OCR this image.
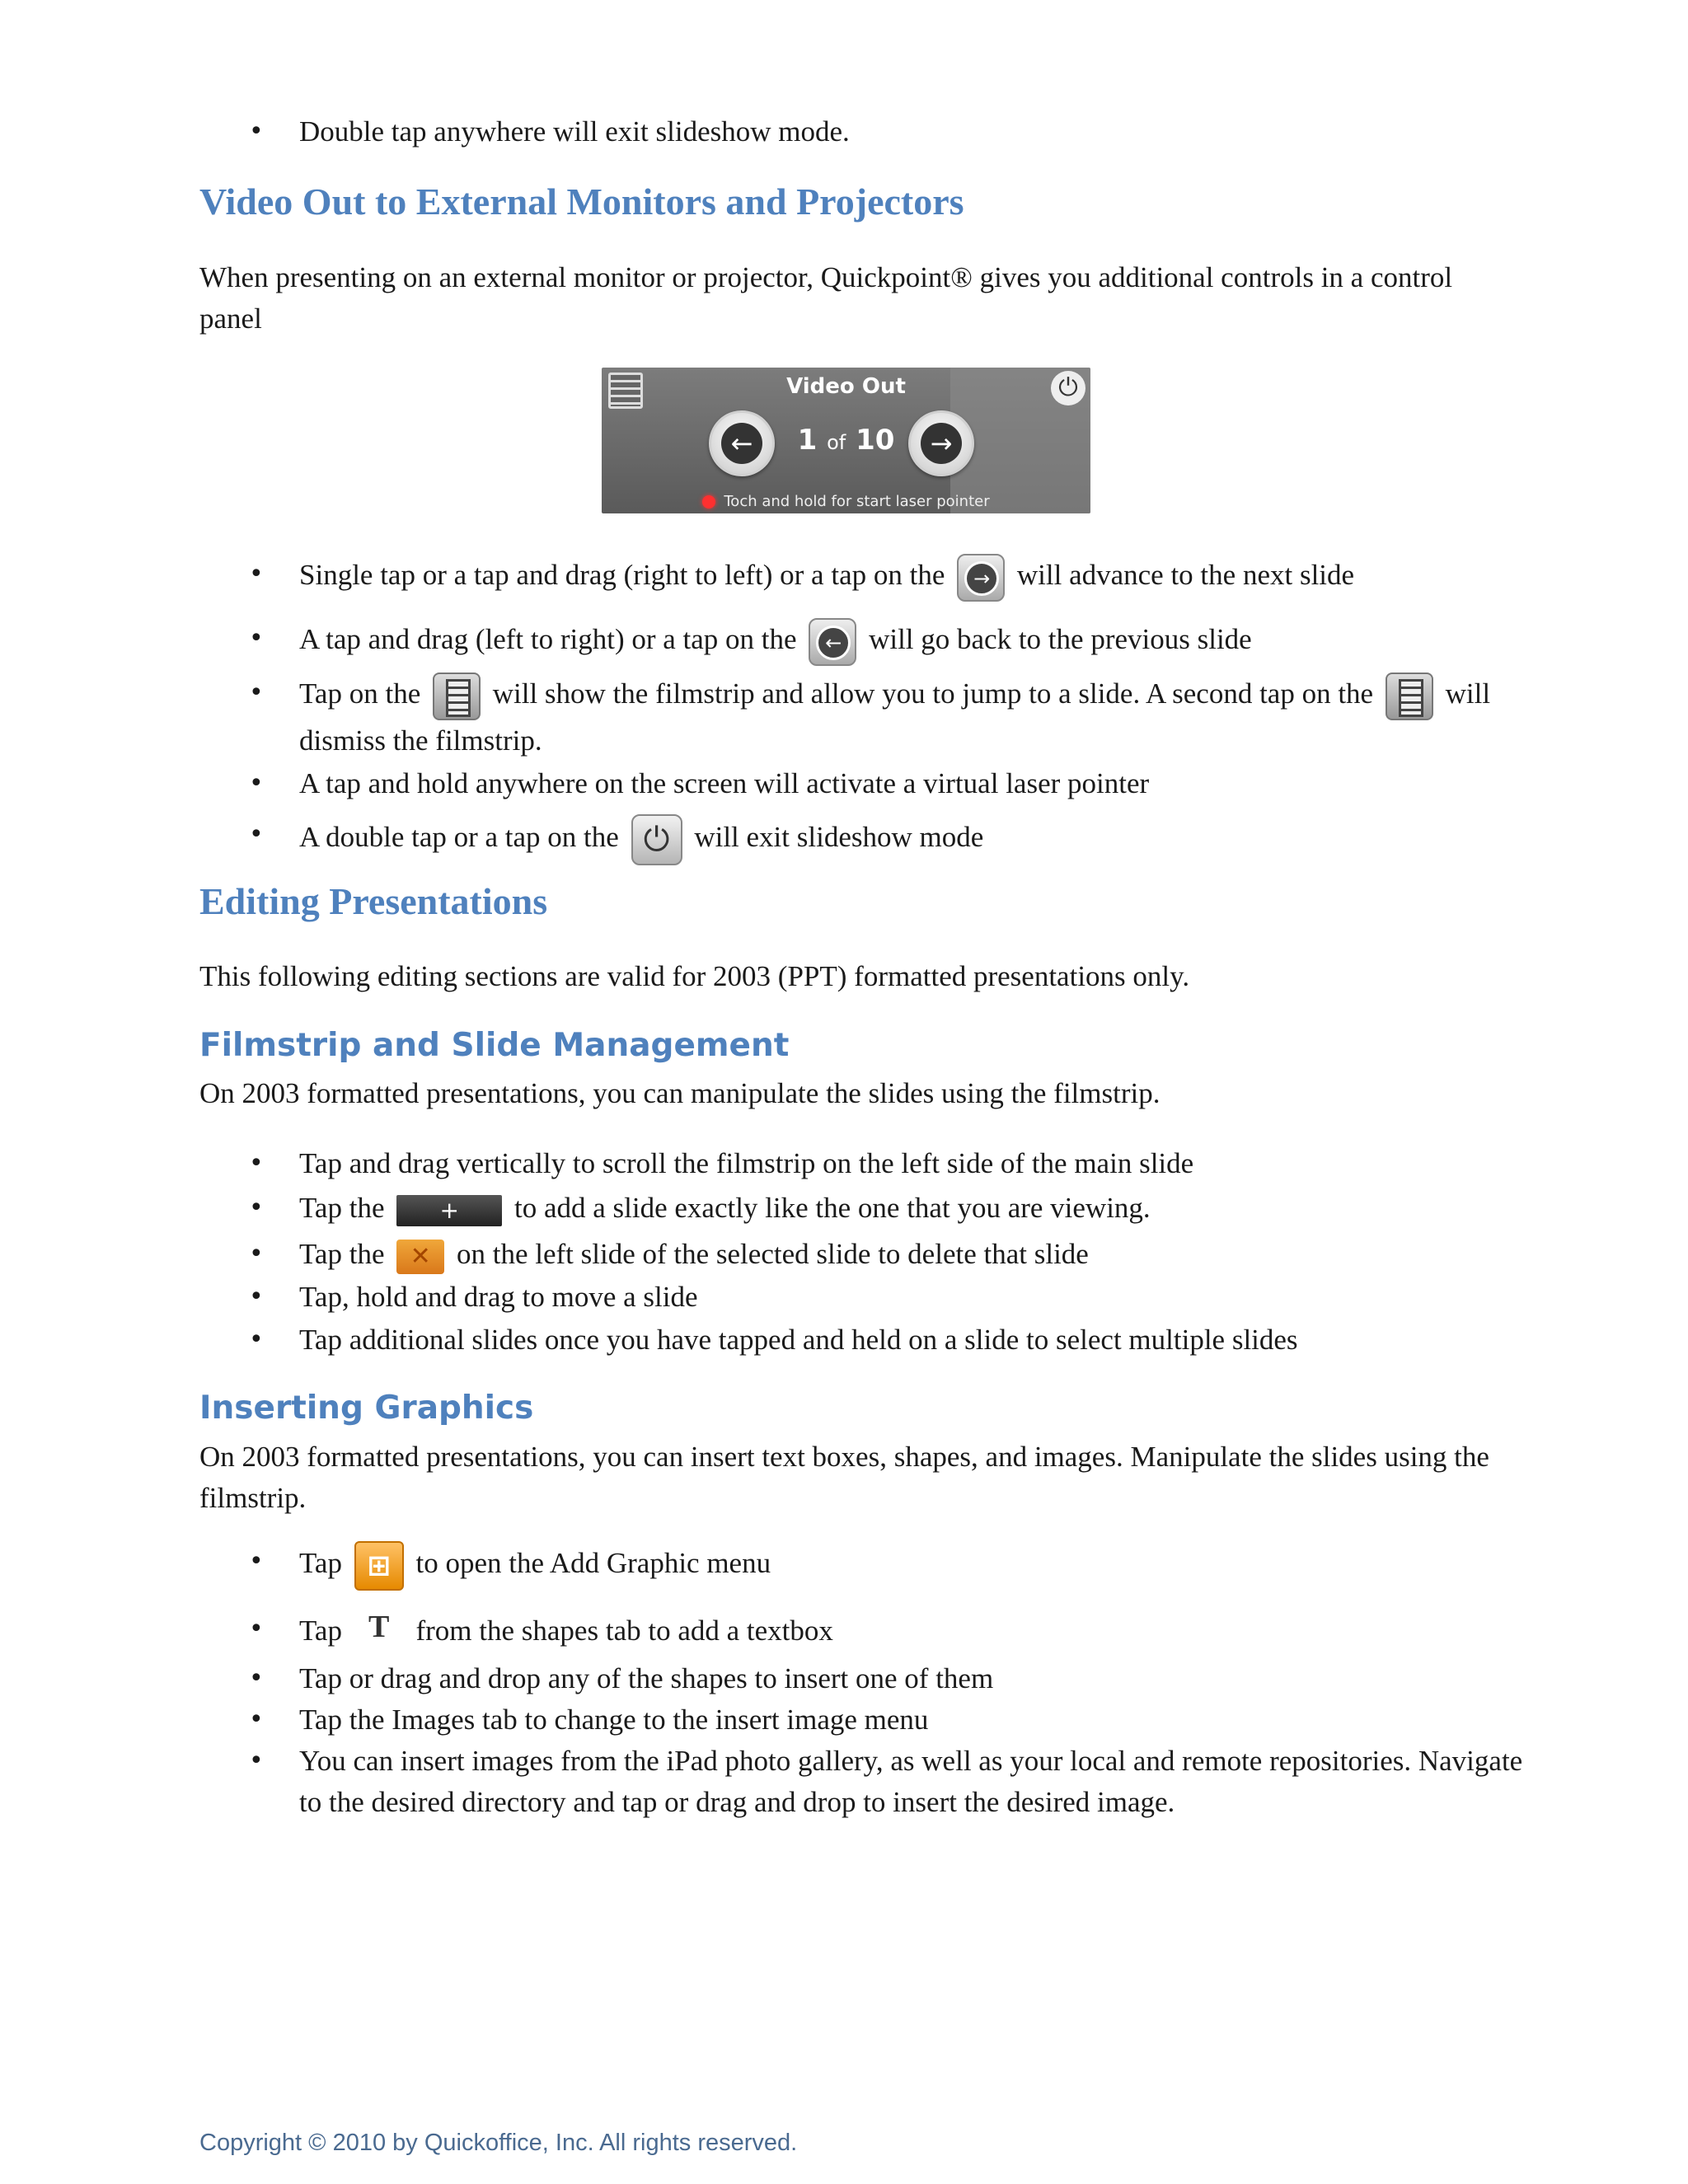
• Double tap anywhere will exit slideshow mode.
Video Out to External Monitors and Projectors
When presenting on an external monitor or projector, Quickpoint® gives you additional controls in a control panel
⏻
Video Out
←	1 of 10	→
Toch and hold for start laser pointer
• Single tap or a tap and drag (right to left) or a tap on the	→ will advance to the next slide
• A tap and drag (left to right) or a tap on the	← will go back to the previous slide
• Tap on the	will show the filmstrip and allow you to jump to a slide. A second tap on the	will dismiss the filmstrip.
• A tap and hold anywhere on the screen will activate a virtual laser pointer
• A double tap or a tap on the ⏻	will exit slideshow mode
Editing Presentations
This following editing sections are valid for 2003 (PPT) formatted presentations only.
Filmstrip and Slide Management
On 2003 formatted presentations, you can manipulate the slides using the filmstrip.
• Tap and drag vertically to scroll the filmstrip on the left side of the main slide
• Tap the + to add a slide exactly like the one that you are viewing.
• Tap the ✕ on the left slide of the selected slide to delete that slide
• Tap, hold and drag to move a slide
• Tap additional slides once you have tapped and held on a slide to select multiple slides
Inserting Graphics
On 2003 formatted presentations, you can insert text boxes, shapes, and images. Manipulate the slides using the filmstrip.
• Tap ⊞ to open the Add Graphic menu
• Tap T from the shapes tab to add a textbox
• Tap or drag and drop any of the shapes to insert one of them
• Tap the Images tab to change to the insert image menu
• You can insert images from the iPad photo gallery, as well as your local and remote repositories. Navigate to the desired directory and tap or drag and drop to insert the desired image.
Copyright © 2010 by Quickoffice, Inc. All rights reserved.
